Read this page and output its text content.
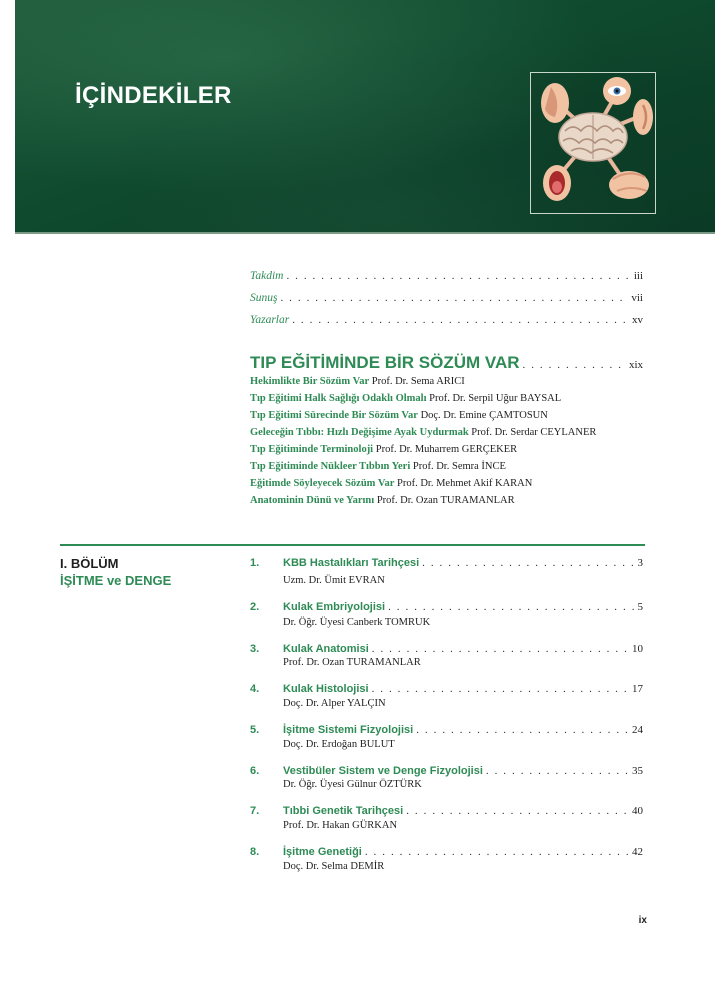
İÇİNDEKİLER
Takdim . . .	iii
Sunuş . . .	vii
Yazarlar . . .	xv
TIP EĞİTİMİNDE BİR SÖZÜM VAR . . .	xix
Hekimlikte Bir Sözüm Var Prof. Dr. Sema ARICI
Tıp Eğitimi Halk Sağlığı Odaklı Olmalı Prof. Dr. Serpil Uğur BAYSAL
Tıp Eğitimi Sürecinde Bir Sözüm Var Doç. Dr. Emine ÇAMTOSUN
Geleceğin Tıbbı: Hızlı Değişime Ayak Uydurmak Prof. Dr. Serdar CEYLANER
Tıp Eğitiminde Terminoloji Prof. Dr. Muharrem GERÇEKER
Tıp Eğitiminde Nükleer Tıbbın Yeri Prof. Dr. Semra İNCE
Eğitimde Söyleyecek Sözüm Var Prof. Dr. Mehmet Akif KARAN
Anatominin Dünü ve Yarını Prof. Dr. Ozan TURAMANLAR
I. BÖLÜM
İŞİTME ve DENGE
1. KBB Hastalıkları Tarihçesi . . .	3
Uzm. Dr. Ümit EVRAN
2. Kulak Embriyolojisi . . .	5
Dr. Öğr. Üyesi Canberk TOMRUK
3. Kulak Anatomisi . . .	10
Prof. Dr. Ozan TURAMANLAR
4. Kulak Histolojisi . . .	17
Doç. Dr. Alper YALÇIN
5. İşitme Sistemi Fizyolojisi . . .	24
Doç. Dr. Erdoğan BULUT
6. Vestibüler Sistem ve Denge Fizyolojisi . . .	35
Dr. Öğr. Üyesi Gülnur ÖZTÜRK
7. Tıbbi Genetik Tarihçesi . . .	40
Prof. Dr. Hakan GÜRKAN
8. İşitme Genetiği . . .	42
Doç. Dr. Selma DEMİR
ix
